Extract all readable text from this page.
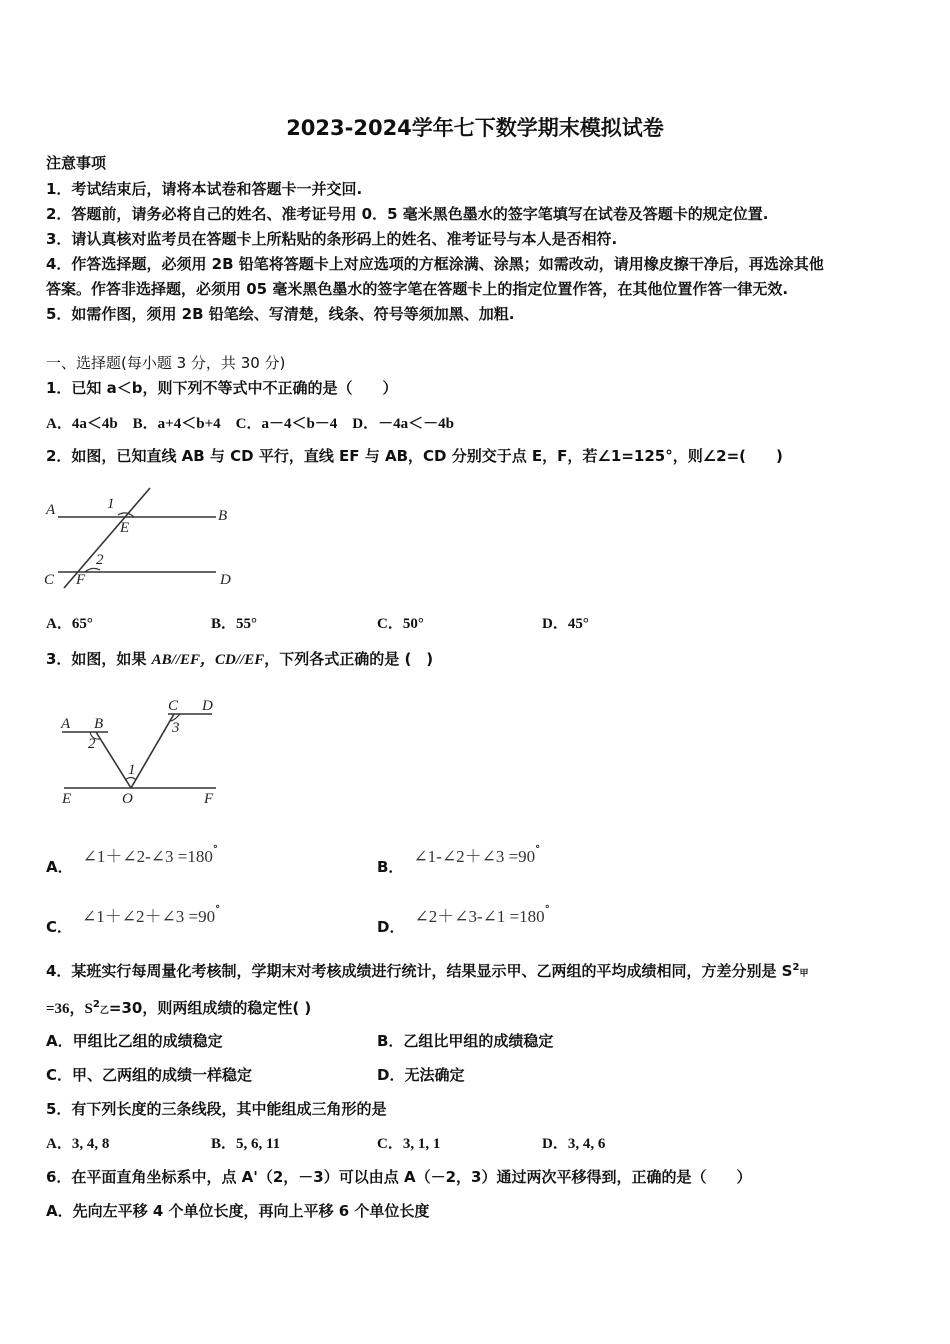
2023-2024学年七下数学期末模拟试卷
注意事项
1．考试结束后，请将本试卷和答题卡一并交回.
2．答题前，请务必将自己的姓名、准考证号用 0．5 毫米黑色墨水的签字笔填写在试卷及答题卡的规定位置.
3．请认真核对监考员在答题卡上所粘贴的条形码上的姓名、准考证号与本人是否相符.
4．作答选择题，必须用 2B 铅笔将答题卡上对应选项的方框涂满、涂黑；如需改动，请用橡皮擦干净后，再选涂其他
答案。作答非选择题，必须用 05 毫米黑色墨水的签字笔在答题卡上的指定位置作答，在其他位置作答一律无效.
5．如需作图，须用 2B 铅笔绘、写清楚，线条、符号等须加黑、加粗.
一、选择题(每小题 3 分，共 30 分)
1．已知 a＜b，则下列不等式中不正确的是（　　）
A．4a＜4b　B．a+4＜b+4　C．a－4＜b－4　D．－4a＜－4b
2．如图，已知直线 AB 与 CD 平行，直线 EF 与 AB，CD 分别交于点 E，F，若∠1=125°，则∠2=(　　)
A	B
C	D
E
F
1
2
A．65°	B．55°	C．50°	D．45°
3．如图，如果 AB//EF，CD//EF，下列各式正确的是 (　)
A B
C D
E	O	F
1
2
3
A．∠1＋∠2-∠3 =180°
B．∠1-∠2＋∠3 =90°
C．∠1＋∠2＋∠3 =90°
D．∠2＋∠3-∠1 =180°
4．某班实行每周量化考核制，学期末对考核成绩进行统计，结果显示甲、乙两组的平均成绩相同，方差分别是 $S^2$甲
=36，$S^2$乙=30，则两组成绩的稳定性( )
A．甲组比乙组的成绩稳定	B．乙组比甲组的成绩稳定
C．甲、乙两组的成绩一样稳定	D．无法确定
5．有下列长度的三条线段，其中能组成三角形的是
A．3, 4, 8	B．5, 6, 11	C．3, 1, 1	D．3, 4, 6
6．在平面直角坐标系中，点 A'（2，－3）可以由点 A（－2，3）通过两次平移得到，正确的是（　　）
A．先向左平移 4 个单位长度，再向上平移 6 个单位长度
